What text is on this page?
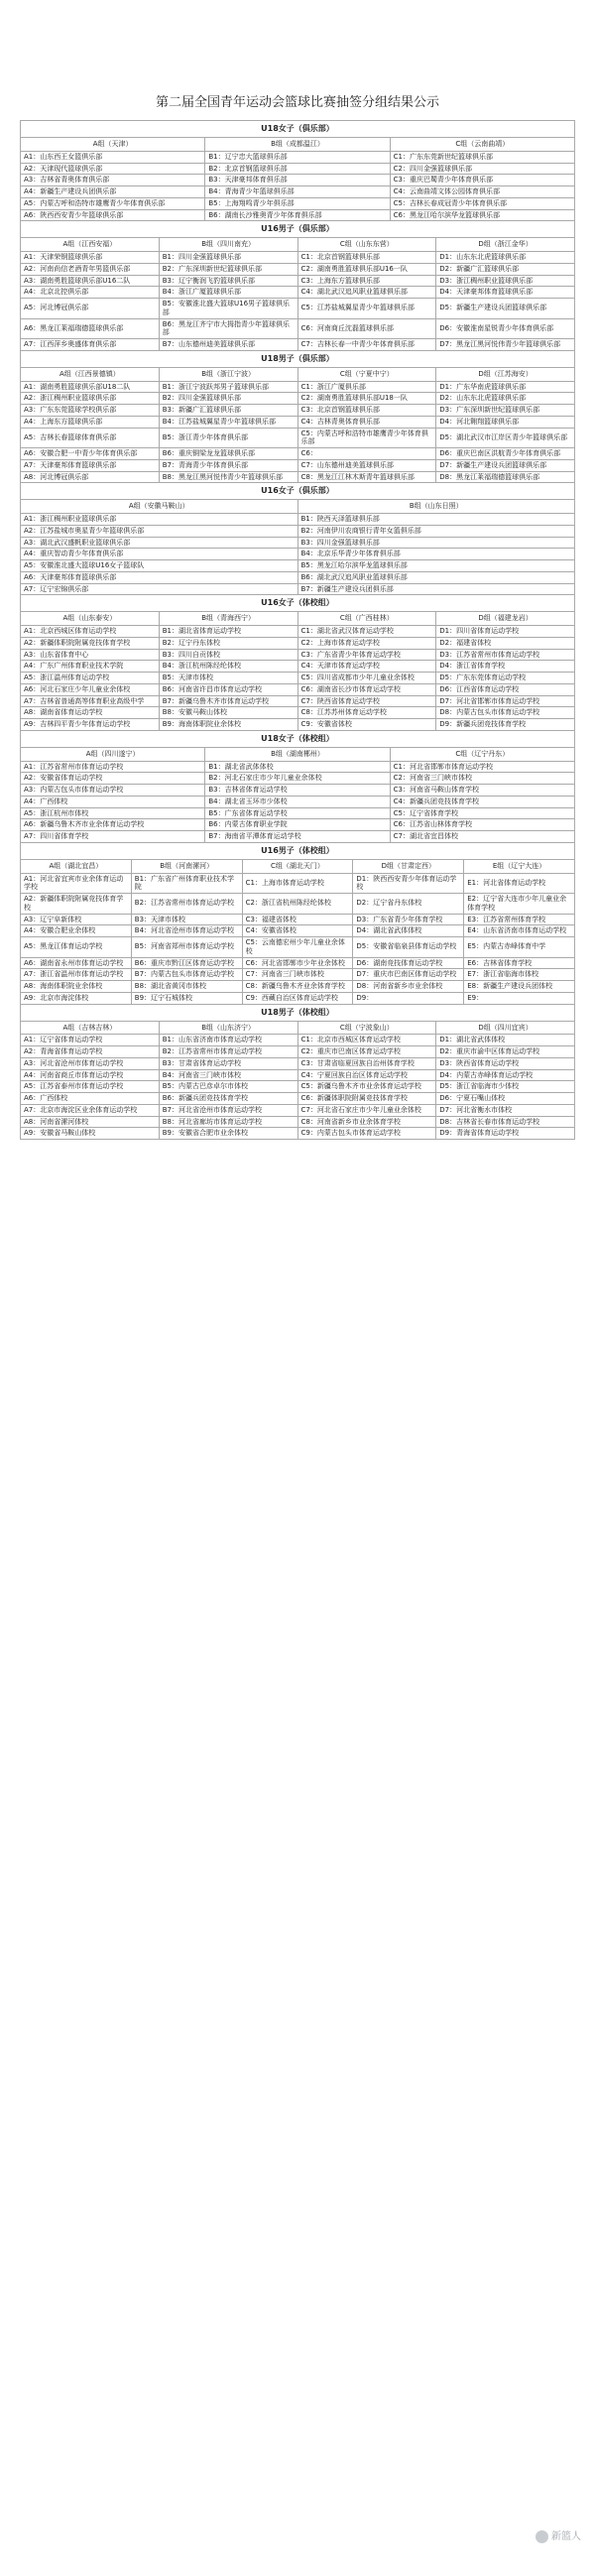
第二届全国青年运动会篮球比赛抽签分组结果公示
U18女子（俱乐部）		
A组（天津）	B组（成都温江）	C组（云南曲靖）
A1：山东西王女篮俱乐部	B1：辽宁忠大篮球俱乐部	C1：广东东莞新世纪篮球俱乐部
A2：天津现代篮球俱乐部	B2：北京首钢篮球俱乐部	C2：四川金强篮球俱乐部
A3：吉林省青奥体育俱乐部	B3：天津豪邦体育俱乐部	C3：重庆巴蜀青少年体育俱乐部
A4：新疆生产建设兵团俱乐部	B4：青海青少年篮球俱乐部	C4：云南曲靖文体公园体育俱乐部
A5：内蒙古呼和浩特市雄鹰青少年体育俱乐部	B5：上海翔鸣青少年俱乐部	C5：吉林长春成冠青少年体育俱乐部
A6：陕西西安青少年篮球俱乐部	B6：湖南长沙雅奥青少年体育俱乐部	C6：黑龙江哈尔滨华龙篮球俱乐部
U16男子（俱乐部）			
A组（江西安福）	B组（四川南充）	C组（山东东营）	D组（浙江金华）
A1：天津荣钢篮球俱乐部	B1：四川金强篮球俱乐部	C1：北京首钢篮球俱乐部	D1：山东东北虎篮球俱乐部
A2：河南尚信老酒青年男篮俱乐部	B2：广东深圳新世纪篮球俱乐部	C2：湖南勇胜篮球俱乐部U16一队	D2：新疆广汇篮球俱乐部
A3：湖南勇胜篮球俱乐部U16二队	B3：辽宁衡润飞豹篮球俱乐部	C3：上海东方篮球俱乐部	D3：浙江稠州职业篮球俱乐部
A4：北京北控俱乐部	B4：浙江广厦篮球俱乐部	C4：湖北武汉追风职业篮球俱乐部	D4：天津豪邦体育篮球俱乐部
A5：河北博冠俱乐部	B5：安徽淮北盛大篮球U16男子篮球俱乐部	C5：江苏盐城翼星青少年篮球俱乐部	D5：新疆生产建设兵团篮球俱乐部
A6：黑龙江莱福瑞德篮球俱乐部	B6：黑龙江齐宁市大拇指青少年篮球俱乐部	C6：河南商丘沈磊篮球俱乐部	D6：安徽淮南星锐青少年体育俱乐部
A7：江西萍乡奥盛体育俱乐部	B7：山东德州迪美篮球俱乐部	C7：吉林长春一中青少年体育俱乐部	D7：黑龙江黑河悦伟青少年篮球俱乐部
U18男子（俱乐部）			
A组（江西景德镇）	B组（浙江宁波）	C组（宁夏中宁）	D组（江苏海安）
A1：湖南勇胜篮球俱乐部U18二队	B1：浙江宁波跃邦男子篮球俱乐部	C1：浙江广厦俱乐部	D1：广东华南虎篮球俱乐部
A2：浙江稠州职业篮球俱乐部	B2：四川金强篮球俱乐部	C2：湖南勇胜篮球俱乐部U18一队	D2：山东东北虎篮球俱乐部
A3：广东东莞篮球学校俱乐部	B3：新疆广汇篮球俱乐部	C3：北京首钢篮球俱乐部	D3：广东深圳新世纪篮球俱乐部
A4：上海东方篮球俱乐部	B4：江苏盐城翼星青少年篮球俱乐部	C4：吉林青奥体育俱乐部	D4：河北翱翔篮球俱乐部
A5：吉林长春篮球体育俱乐部	B5：浙江青少年体育俱乐部	C5：内蒙古呼和浩特市雄鹰青少年体育俱乐部	D5：湖北武汉市江岸区青少年篮球俱乐部
A6：安徽合肥一中青少年体育俱乐部	B6：重庆铜梁龙龙篮球俱乐部	C6：	D6：重庆巴南区洪航青少年体育俱乐部
A7：天津豪邦体育篮球俱乐部	B7：青海青少年体育俱乐部	C7：山东德州迪美篮球俱乐部	D7：新疆生产建设兵团篮球俱乐部
A8：河北博冠俱乐部	B8：黑龙江黑河悦伟青少年篮球俱乐部	C8：黑龙江江林木斯青年篮球俱乐部	D8：黑龙江莱福瑞德篮球俱乐部
U16女子（俱乐部）	
A组（安徽马鞍山）	B组（山东日照）
A1：浙江稠州职业篮球俱乐部	B1：陕西天泽篮球俱乐部
A2：江苏盐城市奥星青少年篮球俱乐部	B2：河南伊川农商银行青年女篮俱乐部
A3：湖北武汉盛帆职业篮球俱乐部	B3：四川金强篮球俱乐部
A4：重庆智动青少年体育俱乐部	B4：北京乐华青少年体育俱乐部
A5：安徽淮北盛大篮球U16女子篮球队	B5：黑龙江哈尔滨华龙篮球俱乐部
A6：天津豪邦体育篮球俱乐部	B6：湖北武汉追风职业篮球俱乐部
A7：辽宁宏锦俱乐部	B7：新疆生产建设兵团俱乐部
U16女子（体校组）			
A组（山东泰安）	B组（青海西宁）	C组（广西桂林）	D组（福建龙岩）
A1：北京西城区体育运动学校	B1：湖北省体育运动学校	C1：湖北省武汉体育运动学校	D1：四川省体育运动学校
A2：新疆体职院附属竞技体育学校	B2：辽宁丹东体校	C2：上海市体育运动学校	D2：福建省体校
A3：山东省体育中心	B3：四川自贡体校	C3：广东省青少年体育运动学校	D3：江苏省常州市体育运动学校
A4：广东广州体育职业技术学院	B4：浙江杭州陈经纶体校	C4：天津市体育运动学校	D4：浙江省体育学校
A5：浙江温州体育运动学校	B5：天津市体校	C5：四川省成都市少年儿童业余体校	D5：广东东莞体育运动学校
A6：河北石家庄少年儿童业余体校	B6：河南省许昌市体育运动学校	C6：湖南省长沙市体育运动学校	D6：江西省体育运动学校
A7：吉林省普通高等体育职业高级中学	B7：新疆乌鲁木齐市体育运动学校	C7：陕西省体育运动学校	D7：河北省邯郸市体育运动学校
A8：湖南省体育运动学校	B8：安徽马鞍山体校	C8：江苏苏州体育运动学校	D8：内蒙古包头市体育运动学校
A9：吉林四平青少年体育运动学校	B9：海南体职院业余体校	C9：安徽省体校	D9：新疆兵团竞技体育学校
U18女子（体校组）		
A组（四川遂宁）	B组（湖南郴州）	C组（辽宁丹东）
A1：江苏省常州市体育运动学校	B1：湖北省武体体校	C1：河北省邯郸市体育运动学校
A2：安徽省体育运动学校	B2：河北石家庄市少年儿童业余体校	C2：河南省三门峡市体校
A3：内蒙古包头市体育运动学校	B3：吉林省体育运动学校	C3：河南省马鞍山体育学校
A4：广西体校	B4：湖北省玉环市少体校	C4：新疆兵团竞技体育学校
A5：浙江杭州市体校	B5：广东省体育运动学校	C5：辽宁省体育学校
A6：新疆乌鲁木齐市业余体育运动学校	B6：内蒙古体育职业学院	C6：江苏省山林体育学校
A7：四川省体育学校	B7：海南省平潭体育运动学校	C7：湖北省宜昌体校
U16男子（体校组）				
A组（湖北宜昌）	B组（河南漯河）	C组（湖北天门）	D组（甘肃定西）	E组（辽宁大连）
A1：河北省宜宾市业余体育运动学校	B1：广东省广州体育职业技术学院	C1：上海市体育运动学校	D1：陕西西安青少年体育运动学校	E1：河北省体育运动学校
A2：新疆体职院附属竞技体育学校	B2：江苏省常州市体育运动学校	C2：浙江省杭州陈经纶体校	D2：辽宁省丹东体校	E2：辽宁省大连市少年儿童业余体育学校
A3：辽宁阜新体校	B3：天津市体校	C3：福建省体校	D3：广东省青少年体育学校	E3：江苏省常州体育学校
A4：安徽合肥业余体校	B4：河北省沧州市体育运动学校	C4：安徽省体校	D4：湖北省武体体校	E4：山东省济南市体育运动学校
A5：黑龙江体育运动学校	B5：河南省郑州市体育运动学校	C5：云南德宏州少年儿童业余体校	D5：安徽省临泉县体育运动学校	E5：内蒙古赤峰体育中学
A6：湖南省永州市体育运动学校	B6：重庆市黔江区体育运动学校	C6：河北省邯郸市少年业余体校	D6：湖南竞技体育运动学校	E6：吉林省体育学校
A7：浙江省温州市体育运动学校	B7：内蒙古包头市体育运动学校	C7：河南省三门峡市体校	D7：重庆市巴南区体育运动学校	E7：浙江省临海市体校
A8：海南体职院业余体校	B8：湖北省黄冈市体校	C8：新疆乌鲁木齐业余体育学校	D8：河南省新乡市业余体校	E8：新疆生产建设兵团体校
A9：北京市海淀体校	B9：辽宁石城体校	C9：西藏自治区体育运动学校	D9：	E9：
U18男子（体校组）			
A组（吉林吉林）	B组（山东济宁）	C组（宁波象山）	D组（四川宜宾）
A1：辽宁省体育运动学校	B1：山东省济南市体育运动学校	C1：北京市西城区体育运动学校	D1：湖北省武体体校
A2：青海省体育运动学校	B2：江苏省常州市体育运动学校	C2：重庆市巴南区体育运动学校	D2：重庆市渝中区体育运动学校
A3：河北省沧州市体育运动学校	B3：甘肃省体育运动学校	C3：甘肃省临夏回族自治州体育学校	D3：陕西省体育运动学校
A4：河南省商丘市体育运动学校	B4：河南省三门峡市体校	C4：宁夏回族自治区体育运动学校	D4：内蒙古赤峰体育运动学校
A5：江苏省泰州市体育运动学校	B5：内蒙古巴彦卓尔市体校	C5：新疆乌鲁木齐市业余体育运动学校	D5：浙江省临海市少体校
A6：广西体校	B6：新疆兵团竞技体育学校	C6：新疆体职院附属竞技体育学校	D6：宁夏石嘴山体校
A7：北京市海淀区业余体育运动学校	B7：河北省沧州市体育运动学校	C7：河北省石家庄市少年儿童业余体校	D7：河北省衡水市体校
A8：河南省漯河体校	B8：河北省廊坊市体育运动学校	C8：河南省新乡市业余体育学校	D8：吉林省长春市体育运动学校
A9：安徽省马鞍山体校	B9：安徽省合肥市业余体校	C9：内蒙古包头市体育运动学校	D9：青海省体育运动学校
新篮人
